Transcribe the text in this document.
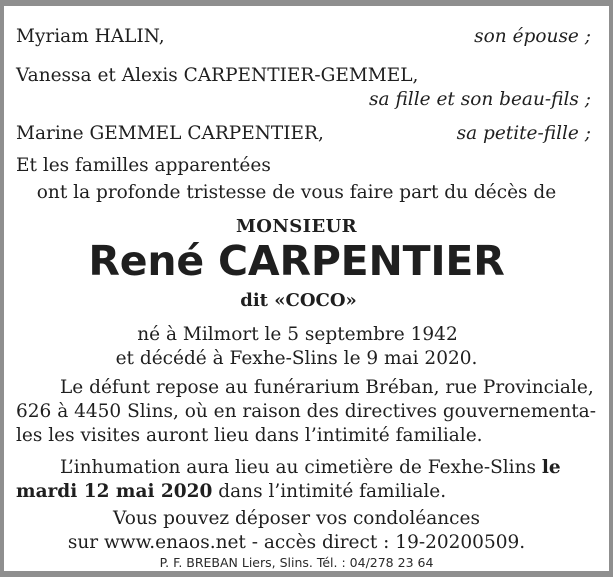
Myriam HALIN,	son épouse ;
Vanessa et Alexis CARPENTIER-GEMMEL,
sa fille et son beau-fils ;
Marine GEMMEL CARPENTIER,	sa petite-fille ;
Et les familles apparentées
ont la profonde tristesse de vous faire part du décès de
MONSIEUR
René CARPENTIER
dit «COCO»
né à Milmort le 5 septembre 1942
et décédé à Fexhe-Slins le 9 mai 2020.
Le défunt repose au funérarium Bréban, rue Provinciale,
626 à 4450 Slins, où en raison des directives gouvernementa-
les les visites auront lieu dans l’intimité familiale.
L’inhumation aura lieu au cimetière de Fexhe-Slins le
mardi 12 mai 2020 dans l’intimité familiale.
Vous pouvez déposer vos condoléances
sur www.enaos.net - accès direct : 19-20200509.
P. F. BREBAN Liers, Slins. Tél. : 04/278 23 64
